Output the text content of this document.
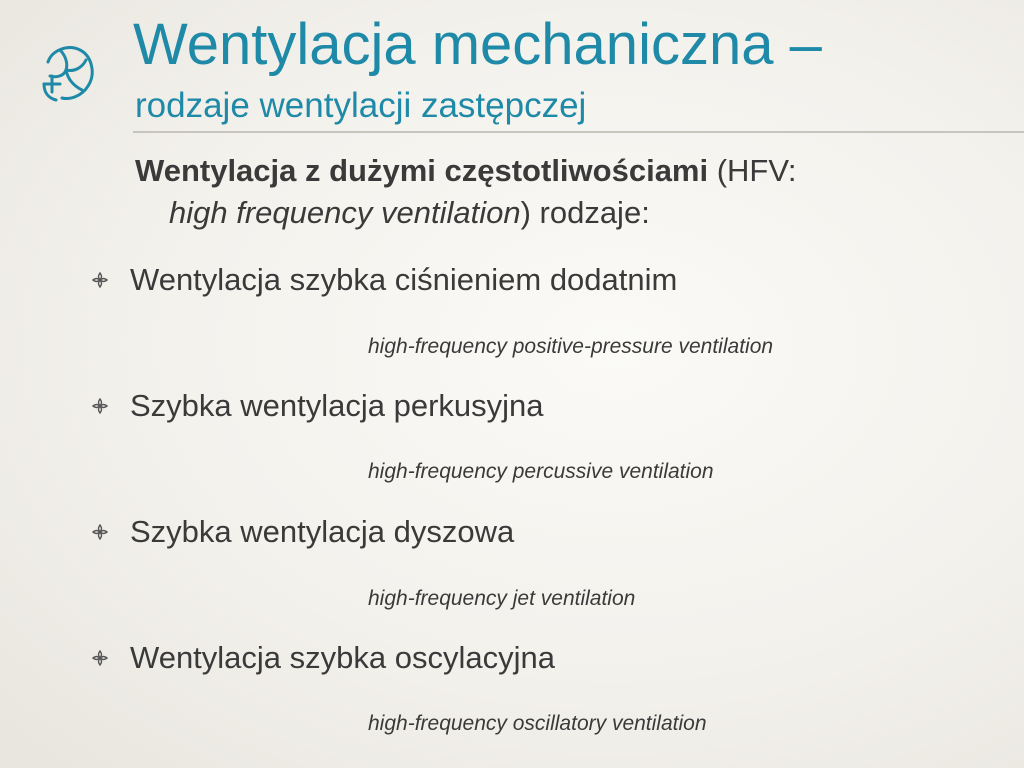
Wentylacja mechaniczna –
rodzaje wentylacji zastępczej
Wentylacja z dużymi częstotliwościami (HFV:
high frequency ventilation) rodzaje:
Wentylacja szybka ciśnieniem dodatnim
high-frequency positive-pressure ventilation
Szybka wentylacja perkusyjna
high-frequency percussive ventilation
Szybka wentylacja dyszowa
high-frequency jet ventilation
Wentylacja szybka oscylacyjna
high-frequency oscillatory ventilation
